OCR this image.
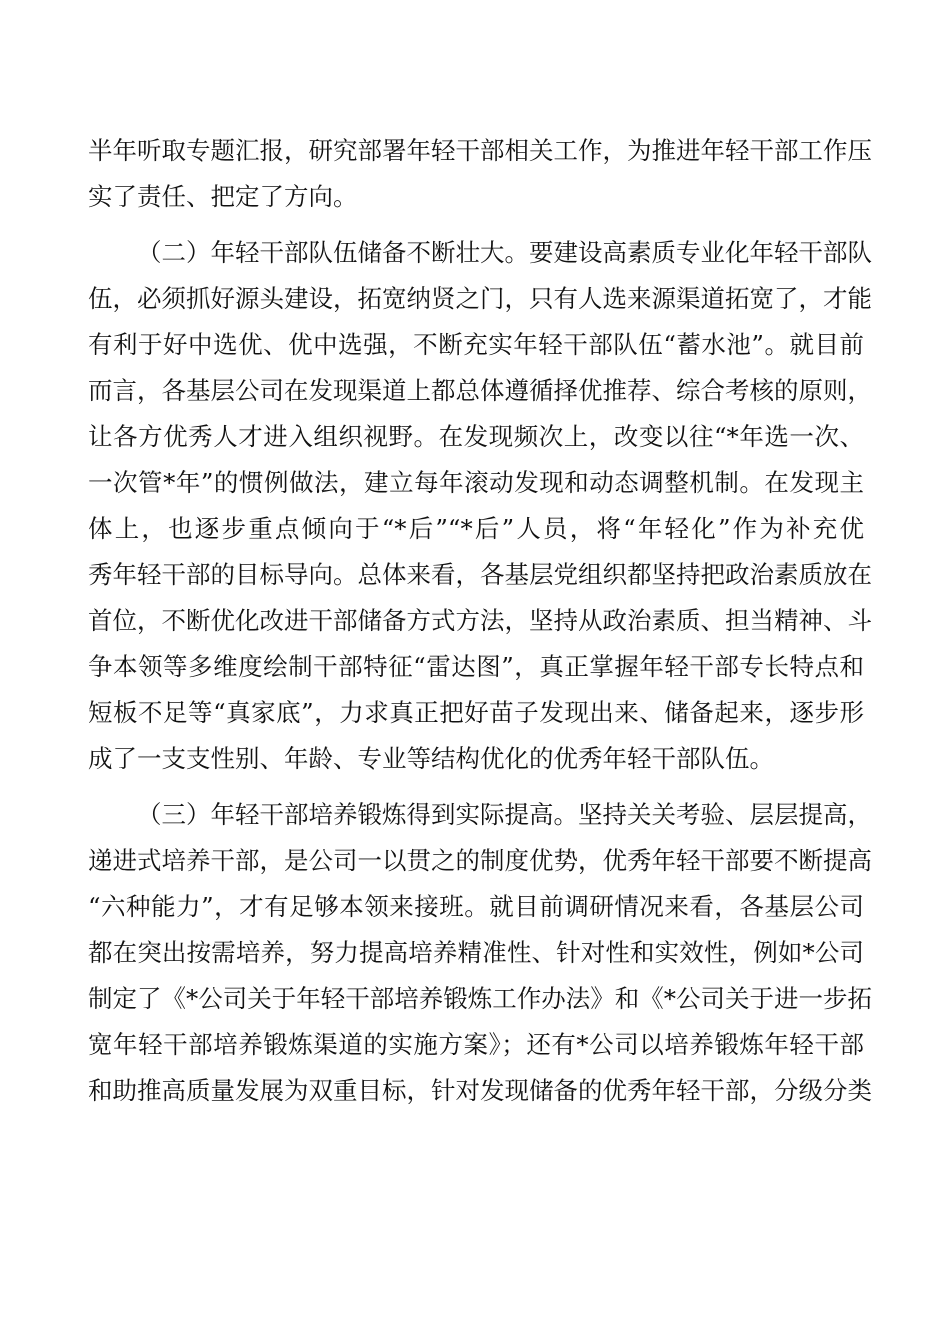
半年听取专题汇报，研究部署年轻干部相关工作，为推进年轻干部工作压
实了责任、把定了方向。
（二）年轻干部队伍储备不断壮大。要建设高素质专业化年轻干部队
伍，必须抓好源头建设，拓宽纳贤之门，只有人选来源渠道拓宽了，才能
有利于好中选优、优中选强，不断充实年轻干部队伍“蓄水池”。就目前
而言，各基层公司在发现渠道上都总体遵循择优推荐、综合考核的原则，
让各方优秀人才进入组织视野。在发现频次上，改变以往“*年选一次、
一次管*年”的惯例做法，建立每年滚动发现和动态调整机制。在发现主
体上，也逐步重点倾向于“*后”“*后”人员，将“年轻化”作为补充优
秀年轻干部的目标导向。总体来看，各基层党组织都坚持把政治素质放在
首位，不断优化改进干部储备方式方法，坚持从政治素质、担当精神、斗
争本领等多维度绘制干部特征“雷达图”，真正掌握年轻干部专长特点和
短板不足等“真家底”，力求真正把好苗子发现出来、储备起来，逐步形
成了一支支性别、年龄、专业等结构优化的优秀年轻干部队伍。
（三）年轻干部培养锻炼得到实际提高。坚持关关考验、层层提高，
递进式培养干部，是公司一以贯之的制度优势，优秀年轻干部要不断提高
“六种能力”，才有足够本领来接班。就目前调研情况来看，各基层公司
都在突出按需培养，努力提高培养精准性、针对性和实效性，例如*公司
制定了《*公司关于年轻干部培养锻炼工作办法》和《*公司关于进一步拓
宽年轻干部培养锻炼渠道的实施方案》；还有*公司以培养锻炼年轻干部
和助推高质量发展为双重目标，针对发现储备的优秀年轻干部，分级分类
